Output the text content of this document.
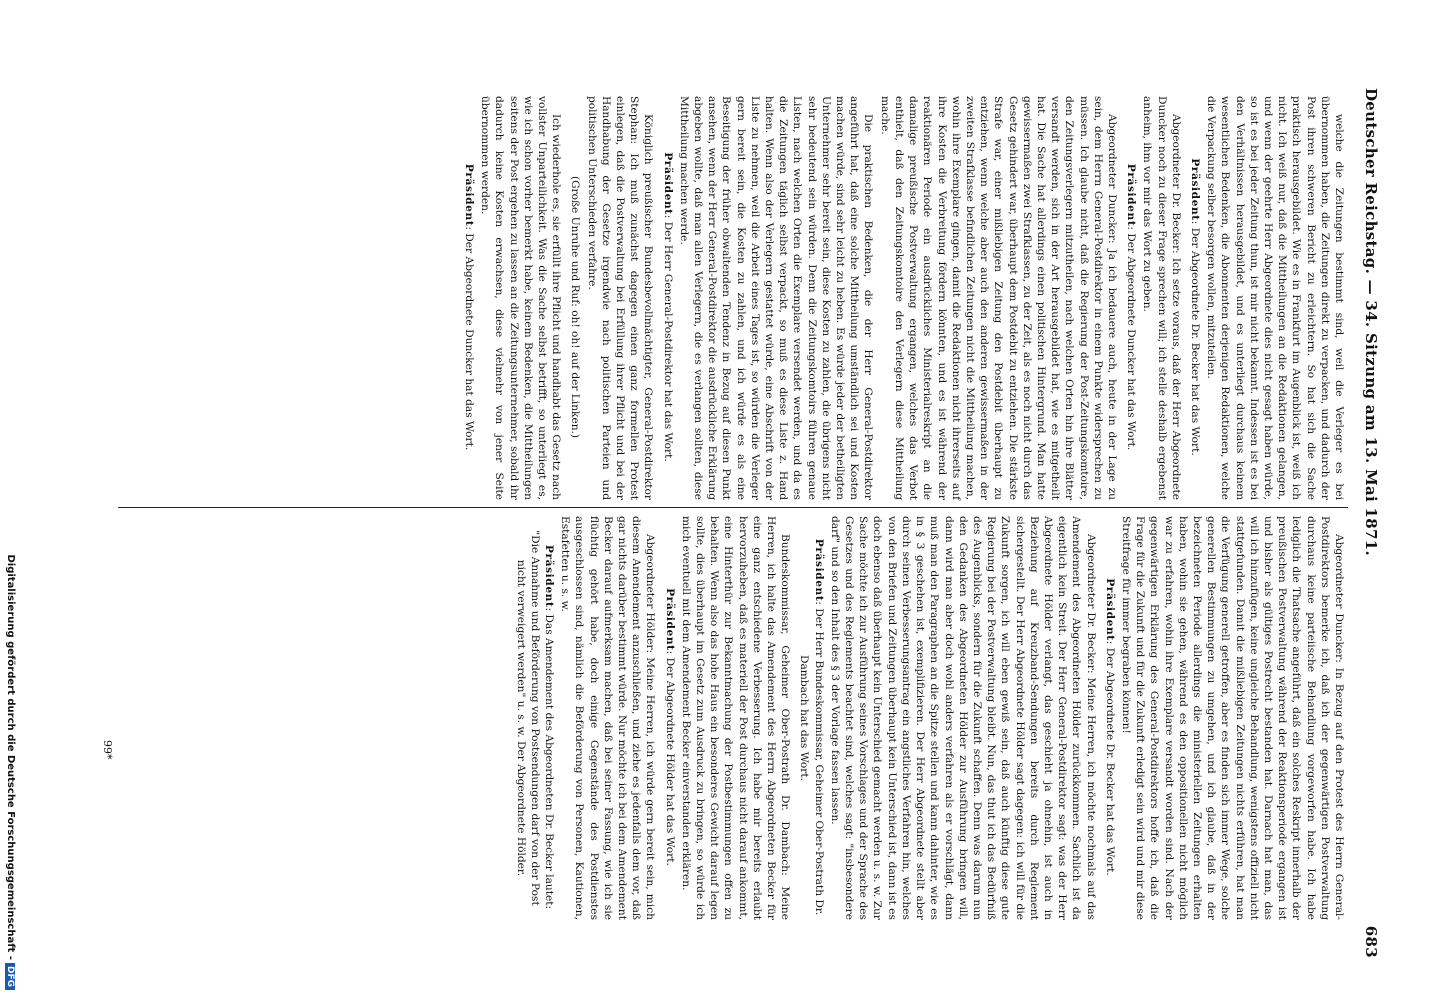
Deutscher Reichstag. — 34. Sitzung am 13. Mai 1871.
683

welche die Zeitungen bestimmt sind, weil die Verleger es bei übernommen haben, die Zeitungen direkt zu verpacken, und dadurch der Post ihren schweren Bericht zu erleichtern. So hat sich die Sache praktisch herausgebildet. Wie es in Frankfurt im Augenblick ist, weiß ich nicht. Ich weiß nur, daß die Mittheilungen an die Redaktionen gelangen, und wenn der geehrte Herr Abgeordnete dies nicht gesagt haben würde, so ist es bei jeder Zeitung thun, ist mir nicht bekannt. Indessen ist es bei den Verhältnissen herausgebildet, und es unterliegt durchaus keinem wesentlichen Bedenken, die Abonnenten derjenigen Redaktionen, welche die Verpackung selber besorgen wollen, mitzuteilen.

Präsident: Der Abgeordnete Dr. Becker hat das Wort.

Abgeordneter Dr. Becker: Ich setze voraus, daß der Herr Abgeordnete Duncker noch zu dieser Frage sprechen will; ich stelle deshalb ergebenst anheim, ihm vor mir das Wort zu geben.

Präsident: Der Abgeordnete Duncker hat das Wort.

Abgeordneter Duncker: Ja ich bedauere auch, heute in der Lage zu sein, dem Herrn General-Postdirektor in einem Punkte widersprechen zu müssen. Ich glaube nicht, daß die Regierung der Post-Zeitungskomtoire, den Zeitungsverlegern mitzutheilen, nach welchen Orten hin ihre Blätter versandt werden, sich in der Art herausgebildet hat, wie es mitgetheilt hat. Die Sache hat allerdings einen politischen Hintergrund. Man hatte gewissermaßen zwei Strafklassen, zu der Zeit, als es noch nicht durch das Gesetz gehindert war, überhaupt dem Postdebit zu entziehen. Die stärkste Strafe war, einer mißliebigen Zeitung den Postdebit überhaupt zu entziehen, wenn welche aber auch den anderen gewissermaßen in der zweiten Strafklasse befindlichen Zeitungen nicht die Mittheilung machen, wohin ihre Exemplare gingen, damit die Redaktionen nicht ihrerseits auf ihre Kosten die Verbreitung fördern könnten, und es ist während der reaktionären Periode ein ausdrückliches Ministerialreskript an die damalige preußische Postverwaltung ergangen, welches das Verbot enthielt, daß den Zeitungskomtoire den Verlegern diese Mittheilung mache.

Die praktischen Bedenken, die der Herr General-Postdirektor angeführt hat, daß eine solche Mittheilung umständlich sei und Kosten machen würde, sind sehr leicht zu heben. Es würde jeder der betheiligten Unternehmer sehr bereit sein, diese Kosten zu zahlen, die übrigens nicht sehr bedeutend sein würden. Denn die Zeitungskomtoirs führen genaue Listen, nach welchen Orten die Exemplare versendet werden, und da es die Zeitungen täglich selbst verpackt, so muß es diese Liste z. Hand halten. Wenn also der Verlegern gestattet würde, eine Abschrift von der Liste zu nehmen, weil die Arbeit eines Tages ist, so würden die Verleger gern bereit sein, die Kosten zu zahlen, und ich würde es als eine Beseitigung der früher obwaltenden Tendenz in Bezug auf diesen Punkt ansehen, wenn der Herr General-Postdirektor die ausdrückliche Erklärung abgeben wollte, daß man allen Verlegern, die es verlangen sollten, diese Mittheilung machen werde.

Präsident: Der Herr General-Postdirektor hat das Wort.

Königlich preußischer Bundesbevollmächtigter, General-Postdirektor Stephan: Ich muß zunächst dagegen einen ganz formellen Protest einlegen, daß die Postverwaltung bei Erfüllung ihrer Pflicht und bei der Handhabung der Gesetze irgendwie nach politischen Parteien und politischen Unterschieden verfahre.

(Große Unruhe und Ruf: oh! oh! auf der Linken.)

Ich wiederhole es, sie erfüllt ihre Pflicht und handhabt das Gesetz nach vollster Unparteilichkeit. Was die Sache selbst betrifft, so unterliegt es, wie ich schon vorher bemerkt habe, keinem Bedenken, die Mittheilungen seitens der Post ergehen zu lassen an die Zeitungsunternehmer, sobald ihr dadurch keine Kosten erwachsen, diese vielmehr von jener Seite übernommen werden.

Präsident: Der Abgeordnete Duncker hat das Wort.

Abgeordneter Duncker: In Bezug auf den Protest des Herrn General-Postdirektors bemerke ich, daß ich der gegenwärtigen Postverwaltung durchaus keine parteiische Behandlung vorgeworfen habe. Ich habe lediglich die Thatsache angeführt, daß ein solches Reskript innerhalb der preußischen Postverwaltung während der Reaktionsperiode ergangen ist und bisher als gültiges Postrecht bestanden hat. Darnach hat man, das will ich hinzufügen, keine ungleiche Behandlung, wenigstens offiziell nicht stattgefunden. Damit die mißliebigen Zeitungen nichts erführen, hat man die Verfügung generell getroffen, aber es finden sich immer Wege, solche generellen Bestimmungen zu umgehen, und ich glaube, daß in der bezeichneten Periode allerdings die ministeriellen Zeitungen erhalten haben, wohin sie gehen, während es den oppositionellen nicht möglich war zu erfahren, wohin ihre Exemplare versandt worden sind. Nach der gegenwärtigen Erklärung des General-Postdirektors hoffe ich, daß die Frage für die Zukunft und für die Zukunft erledigt sein wird und mir diese Streitfrage für immer begraben können!

Präsident: Der Abgeordnete Dr. Becker hat das Wort.

Abgeordneter Dr. Becker: Meine Herren, ich möchte nochmals auf das Amendement des Abgeordneten Hölder zurückkommen. Sachlich ist da eigentlich kein Streit. Der Herr General-Postdirektor sagt: was der Herr Abgeordnete Hölder verlangt, das geschieht ja ohnehin, ist auch in Beziehung auf Kreuzband-Sendungen bereits durch Reglement sichergestellt. Der Herr Abgeordnete Hölder sagt dagegen: ich will für die Zukunft sorgen, ich will eben gewiß sein, daß auch künftig diese gute Regierung bei der Postverwaltung bleibt. Nun, das thut ich das Bedürfniß des Augenblicks, sondern für die Zukunft schaffen. Denn was darum nun den Gedanken des Abgeordneten Hölder zur Ausführung bringen will, dann wird man aber doch wohl anders verfahren als er vorschlägt, dann muß man den Paragraphen an die Spitze stellen und kann dahinter, wie es in § 3 geschehen ist, exemplifizieren. Der Herr Abgeordnete stellt aber durch seinen Verbesserungsantrag ein angstliches Verfahren hin, welches von den Briefen und Zeitungen überhaupt kein Unterschied ist, dann ist es doch ebenso daß überhaupt kein Unterschied gemacht werden u. s. w. Zur Sache möchte ich zur Ausführung seines Vorschlages und der Sprache des Gesetzes und des Reglements beachtet sind, welches sagt: "insbesondere darf" und so den Inhalt des § 3 der Vorlage fassen lassen.

Präsident: Der Herr Bundeskommissar, Geheimer Ober-Postrath Dr. Dambach hat das Wort.

Bundeskommissar, Geheimer Ober-Postrath Dr. Dambach: Meine Herren, ich halte das Amendement des Herrn Abgeordneten Becker für eine ganz entschiedene Verbesserung. Ich habe mir bereits erlaubt hervorzuheben, daß es materiell der Post durchaus nicht darauf ankommt, eine Hinterthür zur Bekanntmachung der Postbestimmungen offen zu behalten. Wenn also das hohe Haus ein besonderes Gewicht darauf legen sollte, dies überhaupt im Gesetz zum Ausdruck zu bringen, so würde ich mich eventuell mit dem Amendement Becker einverstanden erklären.

Präsident: Der Abgeordnete Hölder hat das Wort.

Abgeordneter Hölder: Meine Herren, ich würde gern bereit sein, mich diesem Amendement anzuschließen, und ziehe es jedenfalls dem vor, daß gar nichts darüber bestimmt würde. Nur möchte ich bei dem Amendement Becker darauf aufmerksam machen, daß bei seiner Fassung, wie ich sie flüchtig gehört habe, doch einige Gegenstände des Postdienstes ausgeschlossen sind, nämlich die Beförderung von Personen, Kautionen, Estafetten u. s. w.

Präsident: Das Amendement des Abgeordneten Dr. Becker lautet: "Die Annahme und Beförderung von Postsendungen darf von der Post nicht verweigert werden" u. s. w. Der Abgeordnete Hölder.

99*
Digitalisierung gefördert durch die Deutsche Forschungsgemeinschaft -DFG
